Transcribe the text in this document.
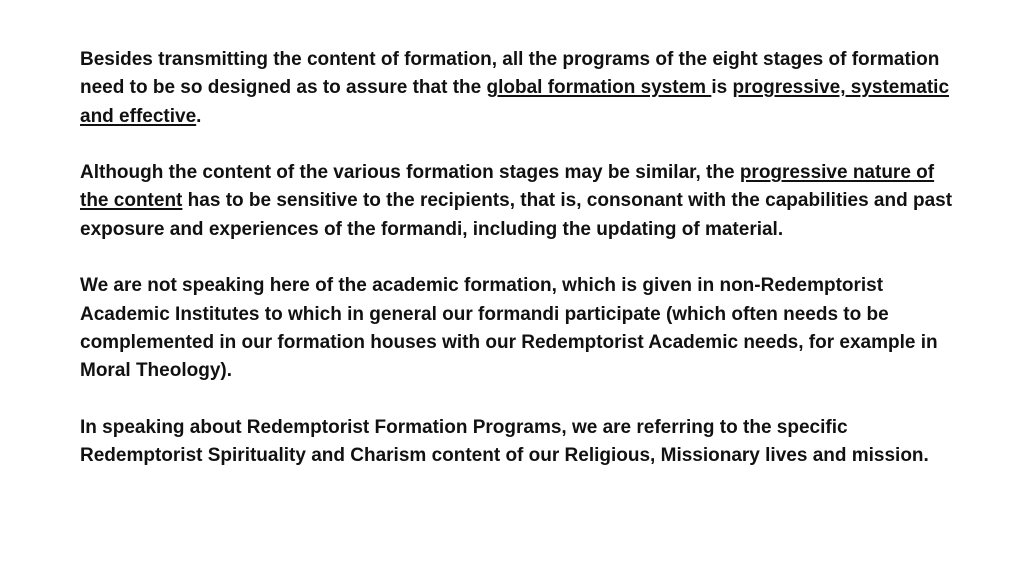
Besides transmitting the content of formation, all the programs of the eight stages of formation need to be so designed as to assure that the global formation system is progressive, systematic and effective.

Although the content of the various formation stages may be similar, the progressive nature of the content has to be sensitive to the recipients, that is, consonant with the capabilities and past exposure and experiences of the formandi, including the updating of material.

We are not speaking here of the academic formation, which is given in non-Redemptorist Academic Institutes to which in general our formandi participate (which often needs to be complemented in our formation houses with our Redemptorist Academic needs, for example in Moral Theology).

In speaking about Redemptorist Formation Programs, we are referring to the specific Redemptorist Spirituality and Charism content of our Religious, Missionary lives and mission.
